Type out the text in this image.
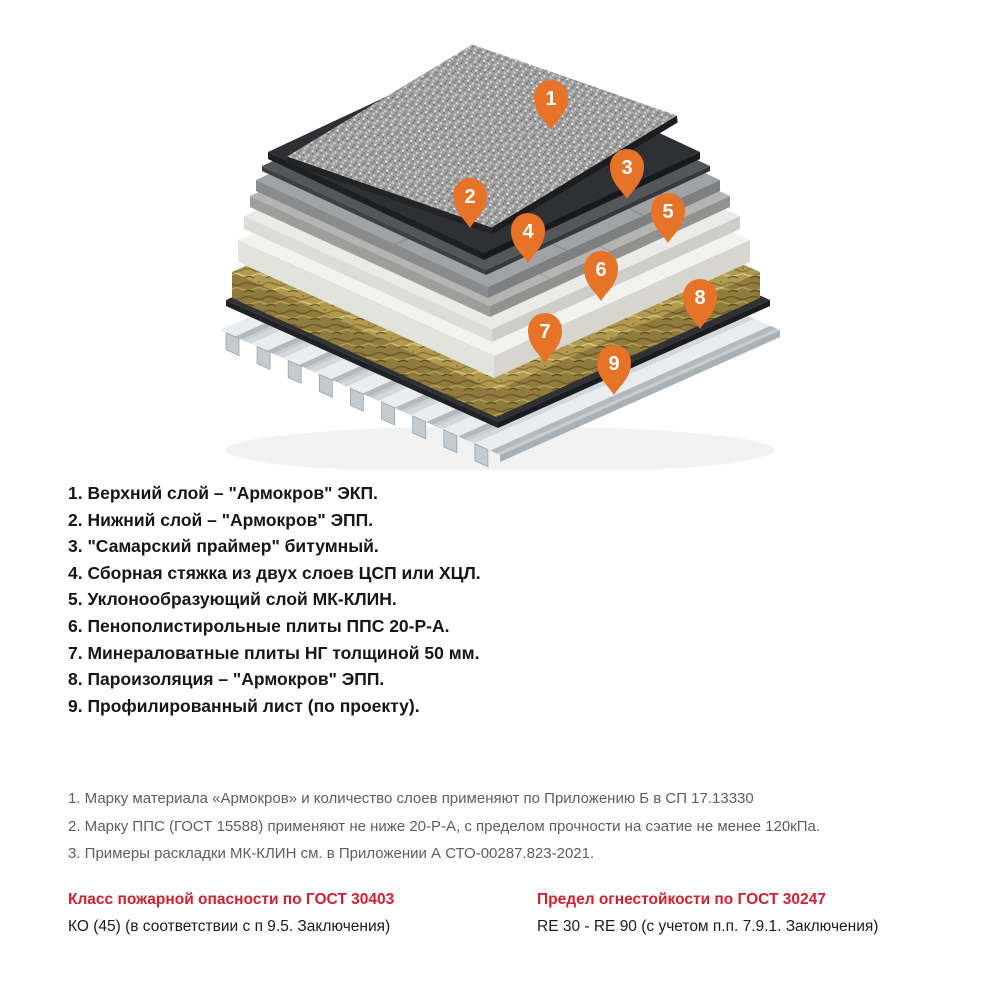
1
3
5
2
4
6
8
7
9
1. Верхний слой – "Армокров" ЭКП.
2. Нижний слой – "Армокров" ЭПП.
3. "Самарский праймер" битумный.
4. Сборная стяжка из двух слоев ЦСП или ХЦЛ.
5. Уклонообразующий слой МК-КЛИН.
6. Пенополистирольные плиты ППС 20-Р-А.
7. Минераловатные плиты НГ толщиной 50 мм.
8. Пароизоляция – "Армокров" ЭПП.
9. Профилированный лист (по проекту).
1. Марку материала «Армокров» и количество слоев применяют по Приложению Б в СП 17.13330
2. Марку ППС (ГОСТ 15588) применяют не ниже 20-Р-А, с пределом прочности на сэатие не менее 120кПа.
3. Примеры раскладки МК-КЛИН см. в Приложении А СТО-00287.823-2021.
Класс пожарной опасности по ГОСТ 30403
КО (45) (в соответствии с п 9.5. Заключения)
Предел огнестойкости по ГОСТ 30247
RE 30 - RE 90 (с учетом п.п. 7.9.1. Заключения)
